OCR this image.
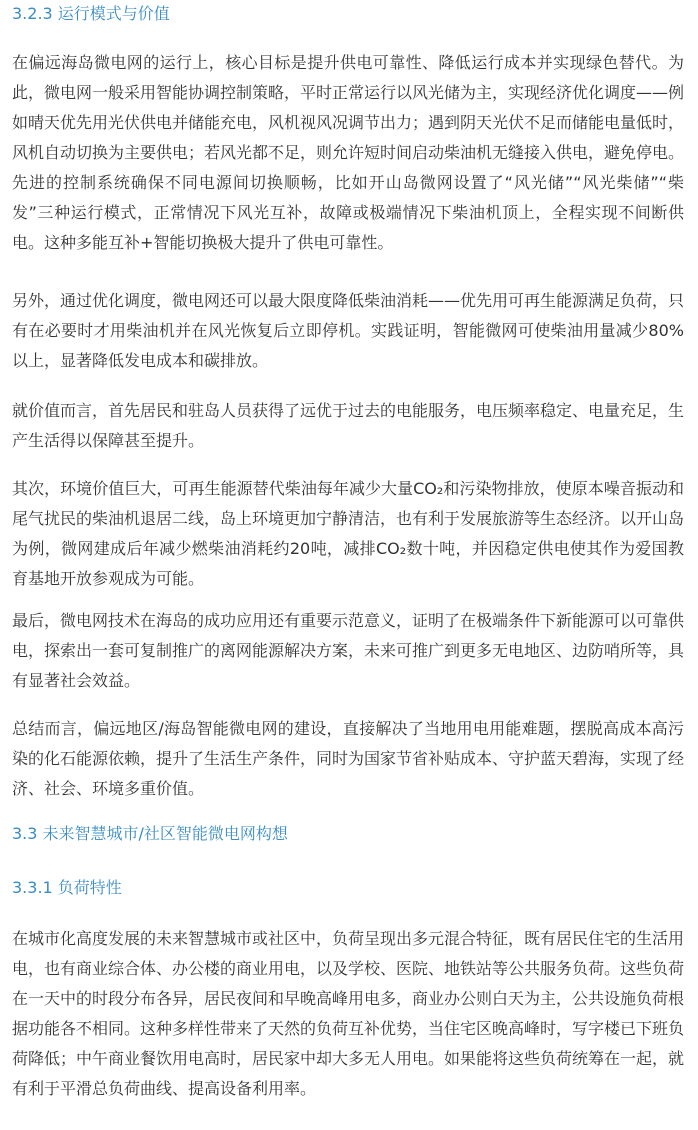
3.2.3 运行模式与价值

在偏远海岛微电网的运行上，核心目标是提升供电可靠性、降低运行成本并实现绿色替代。为此，微电网一般采用智能协调控制策略，平时正常运行以风光储为主，实现经济优化调度——例如晴天优先用光伏供电并储能充电，风机视风况调节出力；遇到阴天光伏不足而储能电量低时，风机自动切换为主要供电；若风光都不足，则允许短时间启动柴油机无缝接入供电，避免停电。先进的控制系统确保不同电源间切换顺畅，比如开山岛微网设置了“风光储”“风光柴储”“柴发”三种运行模式，正常情况下风光互补，故障或极端情况下柴油机顶上，全程实现不间断供电。这种多能互补+智能切换极大提升了供电可靠性。

另外，通过优化调度，微电网还可以最大限度降低柴油消耗——优先用可再生能源满足负荷，只有在必要时才用柴油机并在风光恢复后立即停机。实践证明，智能微网可使柴油用量减少80%以上，显著降低发电成本和碳排放。

就价值而言，首先居民和驻岛人员获得了远优于过去的电能服务，电压频率稳定、电量充足，生产生活得以保障甚至提升。

其次，环境价值巨大，可再生能源替代柴油每年减少大量CO₂和污染物排放，使原本噪音振动和尾气扰民的柴油机退居二线，岛上环境更加宁静清洁，也有利于发展旅游等生态经济。以开山岛为例，微网建成后年减少燃柴油消耗约20吨，减排CO₂数十吨，并因稳定供电使其作为爱国教育基地开放参观成为可能。

最后，微电网技术在海岛的成功应用还有重要示范意义，证明了在极端条件下新能源可以可靠供电，探索出一套可复制推广的离网能源解决方案，未来可推广到更多无电地区、边防哨所等，具有显著社会效益。

总结而言，偏远地区/海岛智能微电网的建设，直接解决了当地用电用能难题，摆脱高成本高污染的化石能源依赖，提升了生活生产条件，同时为国家节省补贴成本、守护蓝天碧海，实现了经济、社会、环境多重价值。

3.3 未来智慧城市/社区智能微电网构想
3.3.1 负荷特性

在城市化高度发展的未来智慧城市或社区中，负荷呈现出多元混合特征，既有居民住宅的生活用电，也有商业综合体、办公楼的商业用电，以及学校、医院、地铁站等公共服务负荷。这些负荷在一天中的时段分布各异，居民夜间和早晚高峰用电多，商业办公则白天为主，公共设施负荷根据功能各不相同。这种多样性带来了天然的负荷互补优势，当住宅区晚高峰时，写字楼已下班负荷降低；中午商业餐饮用电高时，居民家中却大多无人用电。如果能将这些负荷统筹在一起，就有利于平滑总负荷曲线、提高设备利用率。
